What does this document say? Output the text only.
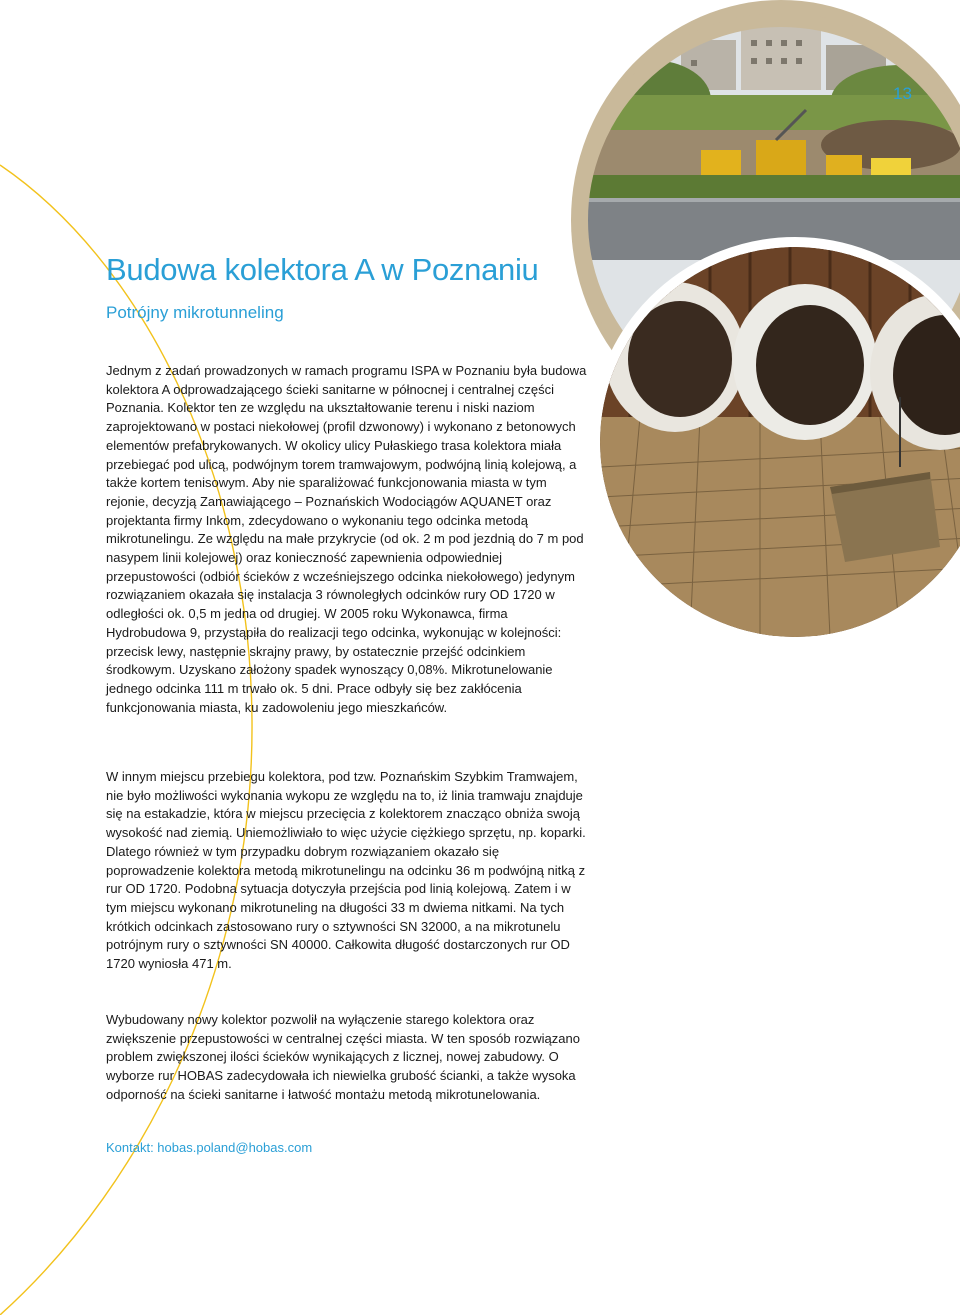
13
Budowa kolektora A w Poznaniu
Potrójny mikrotunneling

Jednym z zadań prowadzonych w ramach programu ISPA w Poznaniu była budowa kolektora A odprowadzającego ścieki sanitarne w północnej i centralnej części Poznania. Kolektor ten ze względu na ukształtowanie terenu i niski naziom zaprojektowano w postaci niekołowej (profil dzwonowy) i wykonano z betonowych elementów prefabrykowanych. W okolicy ulicy Pułaskiego trasa kolektora miała przebiegać pod ulicą, podwójnym torem tramwajowym, podwójną linią kolejową, a także kortem tenisowym. Aby nie sparaliżować funkcjonowania miasta w tym rejonie, decyzją Zamawiającego – Poznańskich Wodociągów AQUANET oraz projektanta firmy Inkom, zdecydowano o wykonaniu tego odcinka metodą mikrotunelingu. Ze względu na małe przykrycie (od ok. 2 m pod jezdnią do 7 m pod nasypem linii kolejowej) oraz konieczność zapewnienia odpowiedniej przepustowości (odbiór ścieków z wcześniejszego odcinka niekołowego) jedynym rozwiązaniem okazała się instalacja 3 równoległych odcinków rury OD 1720 w odległości ok. 0,5 m jedna od drugiej. W 2005 roku Wykonawca, firma Hydrobudowa 9, przystąpiła do realizacji tego odcinka, wykonując w kolejności: przecisk lewy, następnie skrajny prawy, by ostatecznie przejść odcinkiem środkowym. Uzyskano założony spadek wynoszący 0,08%. Mikrotunelowanie jednego odcinka 111 m trwało ok. 5 dni. Prace odbyły się bez zakłócenia funkcjonowania miasta, ku zadowoleniu jego mieszkańców.

W innym miejscu przebiegu kolektora, pod tzw. Poznańskim Szybkim Tramwajem, nie było możliwości wykonania wykopu ze względu na to, iż linia tramwaju znajduje się na estakadzie, która w miejscu przecięcia z kolektorem znacząco obniża swoją wysokość nad ziemią. Uniemożliwiało to więc użycie ciężkiego sprzętu, np. koparki. Dlatego również w tym przypadku dobrym rozwiązaniem okazało się poprowadzenie kolektora metodą mikrotunelingu na odcinku 36 m podwójną nitką z rur OD 1720. Podobna sytuacja dotyczyła przejścia pod linią kolejową. Zatem i w tym miejscu wykonano mikrotuneling na długości 33 m dwiema nitkami. Na tych krótkich odcinkach zastosowano rury o sztywności SN 32000, a na mikrotunelu potrójnym rury o sztywności SN 40000. Całkowita długość dostarczonych rur OD 1720 wyniosła 471 m.

Wybudowany nowy kolektor pozwolił na wyłączenie starego kolektora oraz zwiększenie przepustowości w centralnej części miasta. W ten sposób rozwiązano problem zwiększonej ilości ścieków wynikających z licznej, nowej zabudowy. O wyborze rur HOBAS zadecydowała ich niewielka grubość ścianki, a także wysoka odporność na ścieki sanitarne i łatwość montażu metodą mikrotunelowania.

Kontakt: hobas.poland@hobas.com
